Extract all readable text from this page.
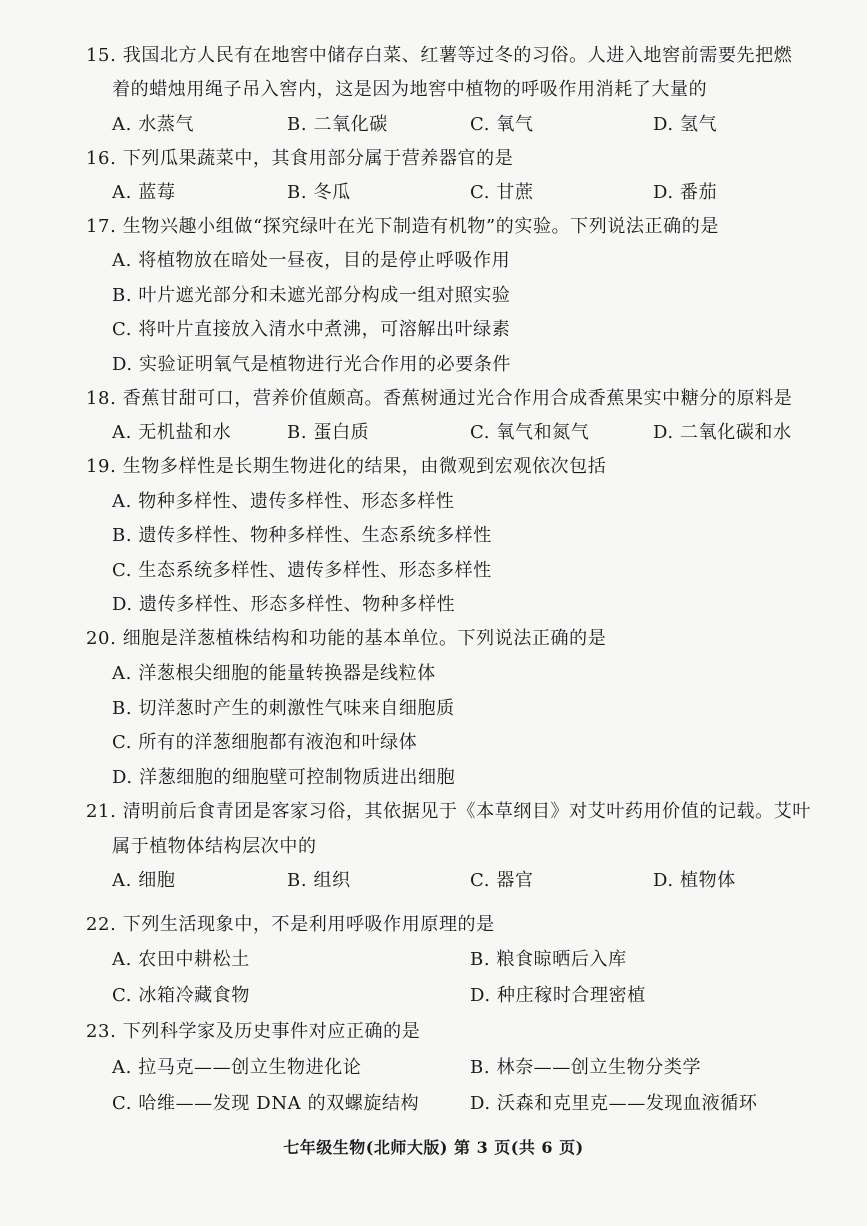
15. 我国北方人民有在地窖中储存白菜、红薯等过冬的习俗。人进入地窖前需要先把燃
着的蜡烛用绳子吊入窖内，这是因为地窖中植物的呼吸作用消耗了大量的
A. 水蒸气	B. 二氧化碳	C. 氧气	D. 氢气
16. 下列瓜果蔬菜中，其食用部分属于营养器官的是
A. 蓝莓	B. 冬瓜	C. 甘蔗	D. 番茄
17. 生物兴趣小组做“探究绿叶在光下制造有机物”的实验。下列说法正确的是
A. 将植物放在暗处一昼夜，目的是停止呼吸作用
B. 叶片遮光部分和未遮光部分构成一组对照实验
C. 将叶片直接放入清水中煮沸，可溶解出叶绿素
D. 实验证明氧气是植物进行光合作用的必要条件
18. 香蕉甘甜可口，营养价值颇高。香蕉树通过光合作用合成香蕉果实中糖分的原料是
A. 无机盐和水	B. 蛋白质	C. 氧气和氮气	D. 二氧化碳和水
19. 生物多样性是长期生物进化的结果，由微观到宏观依次包括
A. 物种多样性、遗传多样性、形态多样性
B. 遗传多样性、物种多样性、生态系统多样性
C. 生态系统多样性、遗传多样性、形态多样性
D. 遗传多样性、形态多样性、物种多样性
20. 细胞是洋葱植株结构和功能的基本单位。下列说法正确的是
A. 洋葱根尖细胞的能量转换器是线粒体
B. 切洋葱时产生的刺激性气味来自细胞质
C. 所有的洋葱细胞都有液泡和叶绿体
D. 洋葱细胞的细胞壁可控制物质进出细胞
21. 清明前后食青团是客家习俗，其依据见于《本草纲目》对艾叶药用价值的记载。艾叶
属于植物体结构层次中的
A. 细胞	B. 组织	C. 器官	D. 植物体
22. 下列生活现象中，不是利用呼吸作用原理的是
A. 农田中耕松土	B. 粮食晾晒后入库
C. 冰箱冷藏食物	D. 种庄稼时合理密植
23. 下列科学家及历史事件对应正确的是
A. 拉马克——创立生物进化论	B. 林奈——创立生物分类学
C. 哈维——发现 DNA 的双螺旋结构	D. 沃森和克里克——发现血液循环
七年级生物(北师大版) 第 3 页(共 6 页)
